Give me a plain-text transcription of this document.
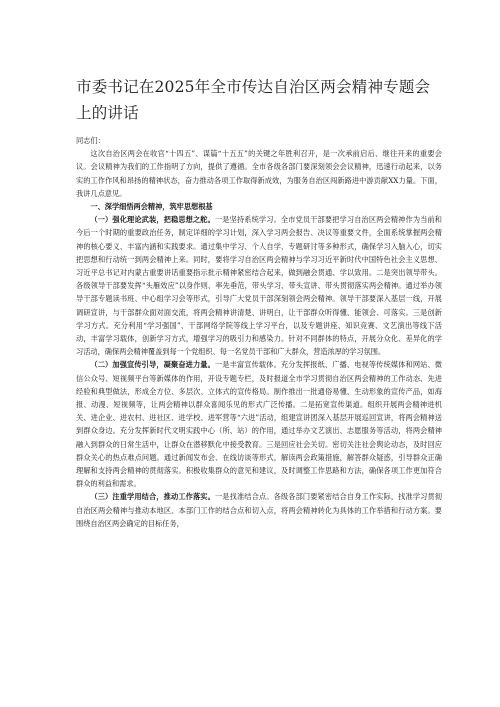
市委书记在2025年全市传达自治区两会精神专题会上的讲话

同志们：

这次自治区两会在收官“十四五”、谋篇“十五五”的关键之年胜利召开，是一次承前启后、继往开来的重要会议。会议精神为我们的工作指明了方向，提供了遵循。全市各级各部门要深刻领会会议精神，迅速行动起来，以务实的工作作风和昂扬的精神状态，奋力推动各项工作取得新成效，为服务自治区闯新路进中游贡献XX力量。下面，我讲几点意见。

一、深学细悟两会精神，筑牢思想根基

（一）强化理论武装，把稳思想之舵。一是坚持系统学习。全市党员干部要把学习自治区两会精神作为当前和今后一个时期的重要政治任务，制定详细的学习计划，深入学习两会报告、决议等重要文件，全面系统掌握两会精神的核心要义、丰富内涵和实践要求。通过集中学习、个人自学、专题研讨等多种形式，确保学习入脑入心，切实把思想和行动统一到两会精神上来。同时，要将学习自治区两会精神与学习习近平新时代中国特色社会主义思想、习近平总书记对内蒙古重要讲话重要指示批示精神紧密结合起来，做到融会贯通、学以致用。二是突出领导带头。各级领导干部要发挥“头雁效应”以身作则、率先垂范，带头学习、带头宣讲、带头贯彻落实两会精神。通过举办领导干部专题读书班、中心组学习会等形式，引导广大党员干部深刻领会两会精神。领导干部要深入基层一线，开展调研宣讲，与干部群众面对面交流，将两会精神讲清楚、讲明白，让干部群众听得懂、能领会、可落实。三是创新学习方式。充分利用“学习强国”、干部网络学院等线上学习平台，以及专题讲座、知识竞赛、文艺演出等线下活动，丰富学习载体，创新学习方式，增强学习的吸引力和感染力。针对不同群体的特点，开展分众化、差异化的学习活动，确保两会精神覆盖到每一个党组织、每一名党员干部和广大群众，营造浓厚的学习氛围。

（二）加强宣传引导，凝聚奋进力量。一是丰富宣传载体。充分发挥报纸、广播、电视等传统媒体和网站、微信公众号、短视频平台等新媒体的作用，开设专题专栏，及时报道全市学习贯彻自治区两会精神的工作动态、先进经验和典型做法，形成全方位、多层次、立体式的宣传格局。制作推出一批通俗易懂、生动形象的宣传产品，如海报、动漫、短视频等，让两会精神以群众喜闻乐见的形式广泛传播。二是拓宽宣传渠道。组织开展两会精神进机关、进企业、进农村、进社区、进学校、进军营等“六进”活动，组建宣讲团深入基层开展巡回宣讲，将两会精神送到群众身边。充分发挥新时代文明实践中心（所、站）的作用，通过举办文艺演出、志愿服务等活动，将两会精神融入到群众的日常生活中，让群众在潜移默化中接受教育。三是回应社会关切。密切关注社会舆论动态，及时回应群众关心的热点难点问题。通过新闻发布会、在线访谈等形式，解读两会政策措施，解答群众疑惑，引导群众正确理解和支持两会精神的贯彻落实。积极收集群众的意见和建议，及时调整工作思路和方法，确保各项工作更加符合群众的利益和需求。

（三）注重学用结合，推动工作落实。一是找准结合点。各级各部门要紧密结合自身工作实际，找准学习贯彻自治区两会精神与推动本地区、本部门工作的结合点和切入点，将两会精神转化为具体的工作举措和行动方案。要围绕自治区两会确定的目标任务，
